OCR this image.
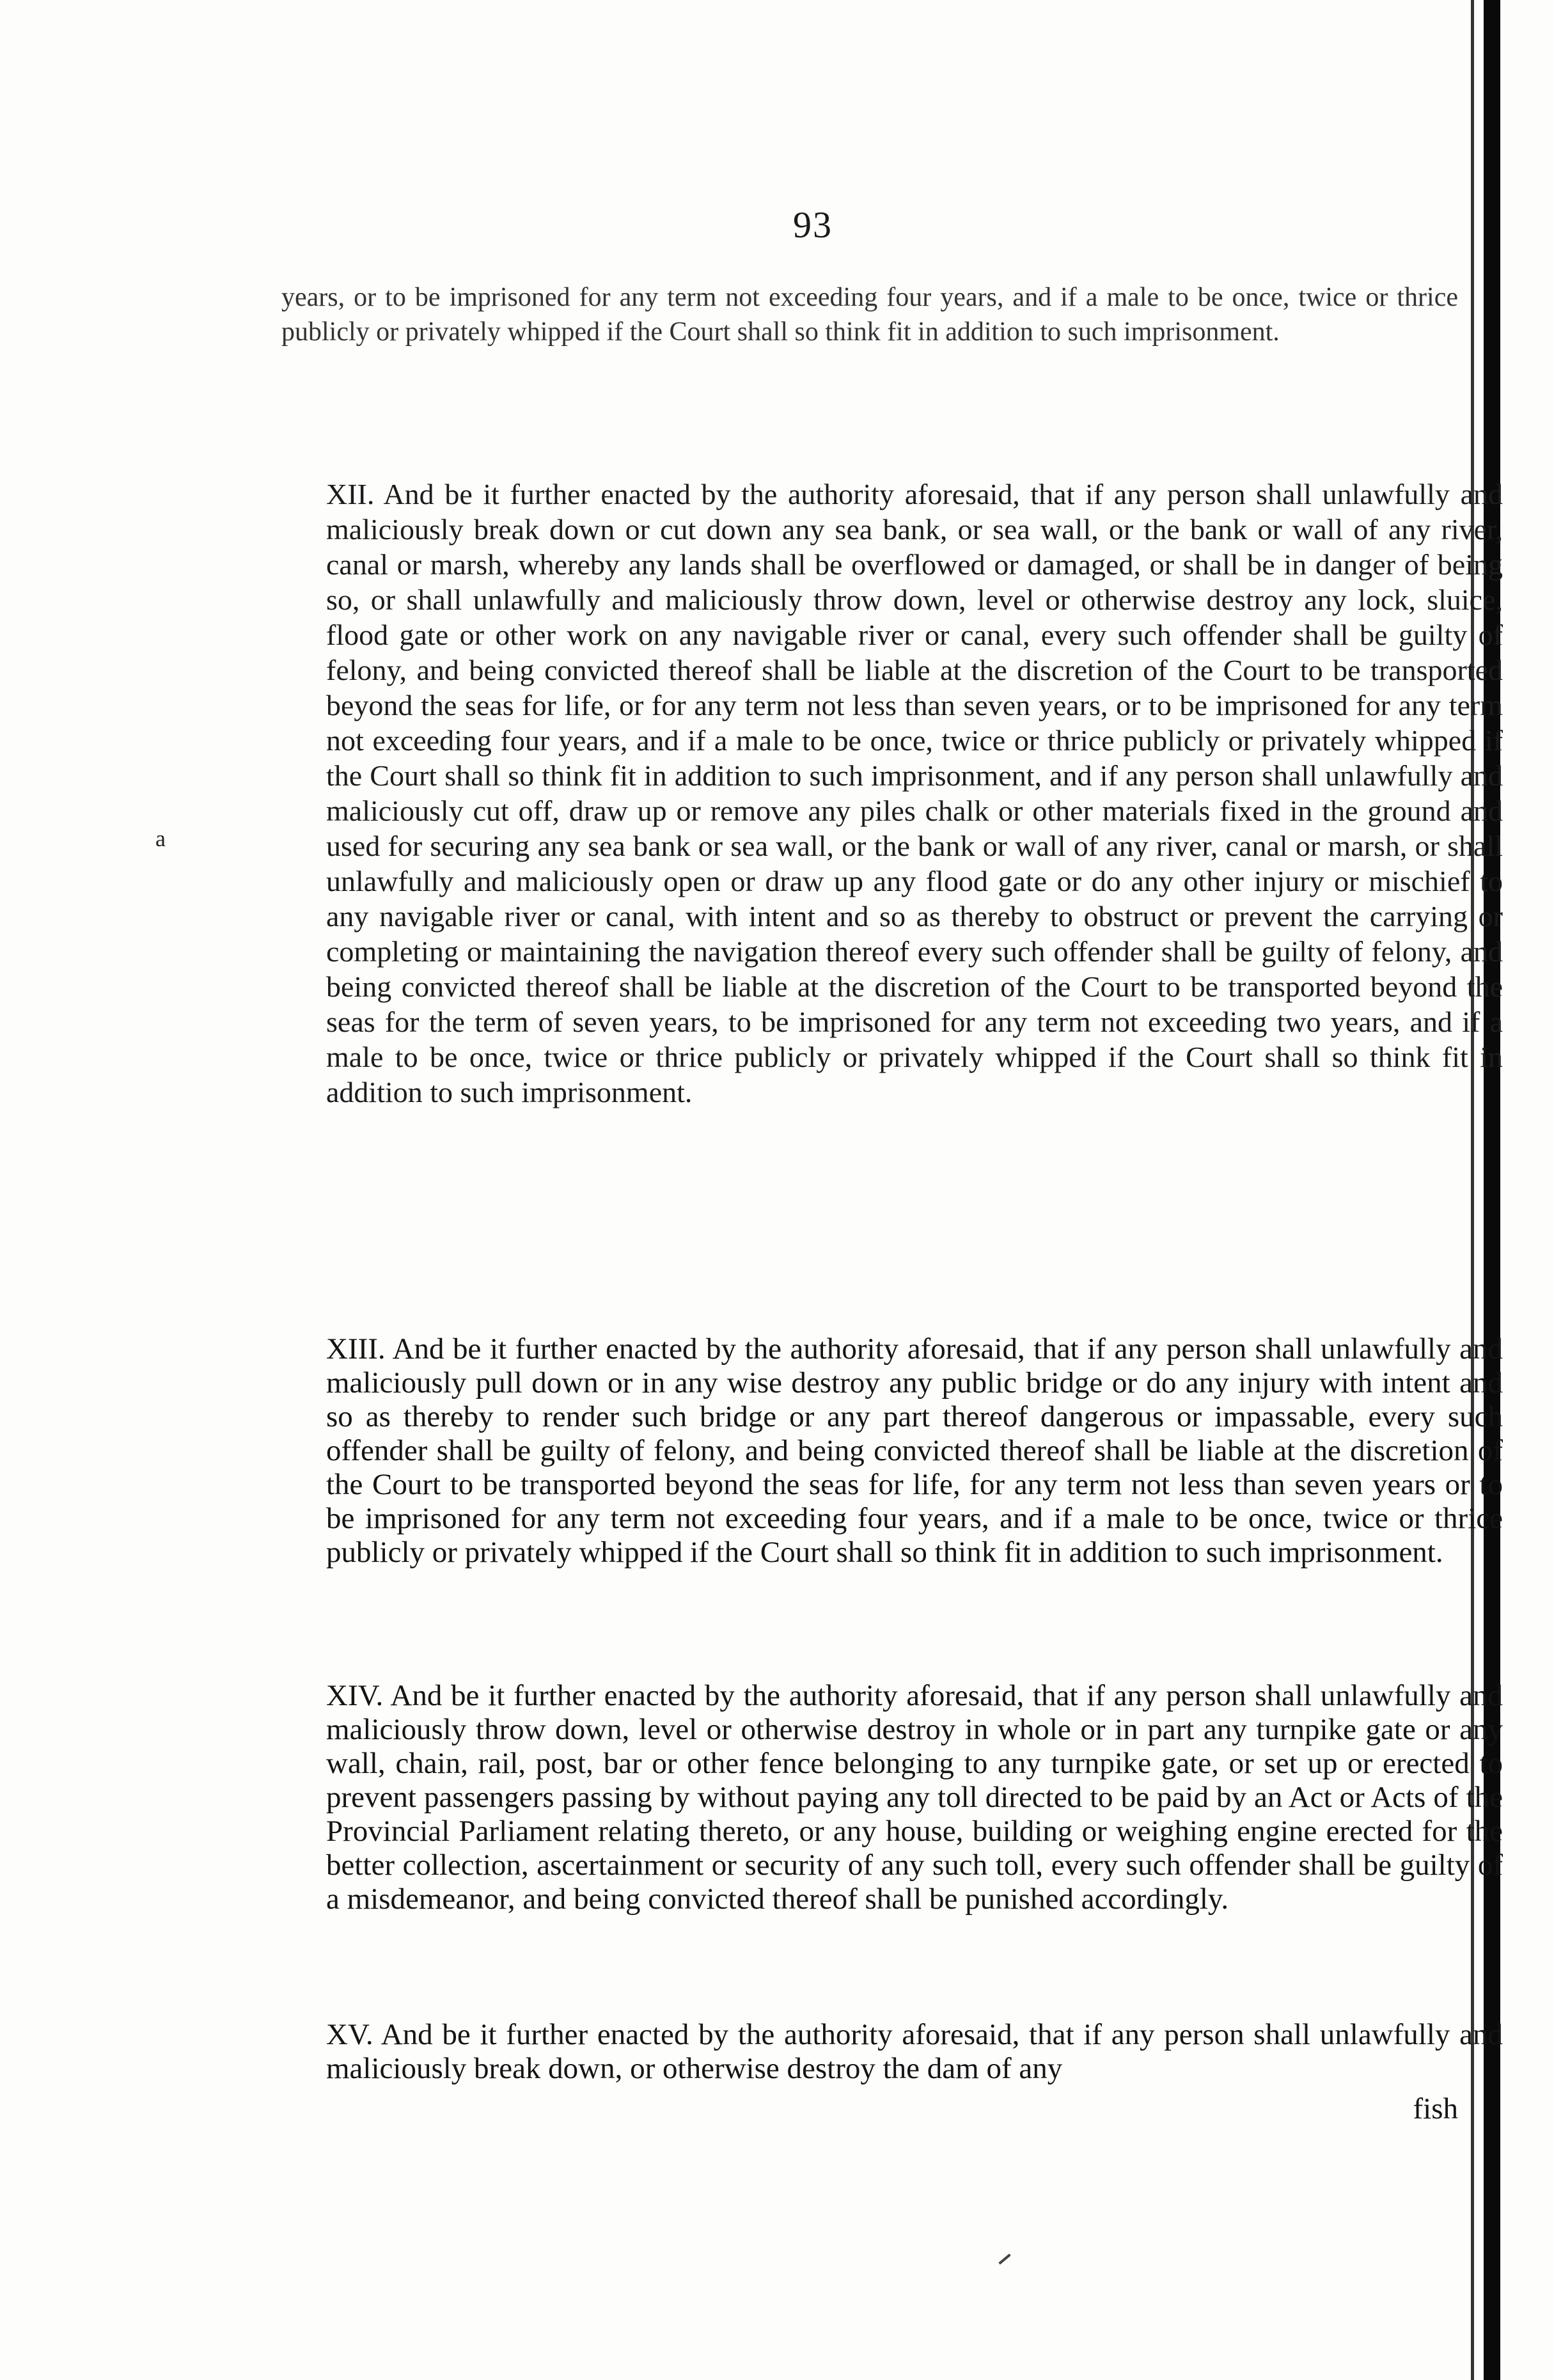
93

years, or to be imprisoned for any term not exceeding four years, and if a male to be once, twice or thrice publicly or privately whipped if the Court shall so think fit in addition to such imprisonment.

XII. And be it further enacted by the authority aforesaid, that if any person shall unlawfully and maliciously break down or cut down any sea bank, or sea wall, or the bank or wall of any river, canal or marsh, whereby any lands shall be overflowed or damaged, or shall be in danger of being so, or shall unlawfully and maliciously throw down, level or otherwise destroy any lock, sluice, flood gate or other work on any navigable river or canal, every such offender shall be guilty of felony, and being convicted thereof shall be liable at the discretion of the Court to be transported beyond the seas for life, or for any term not less than seven years, or to be imprisoned for any term not exceeding four years, and if a male to be once, twice or thrice publicly or privately whipped if the Court shall so think fit in addition to such imprisonment, and if any person shall unlawfully and maliciously cut off, draw up or remove any piles chalk or other materials fixed in the ground and used for securing any sea bank or sea wall, or the bank or wall of any river, canal or marsh, or shall unlawfully and maliciously open or draw up any flood gate or do any other injury or mischief to any navigable river or canal, with intent and so as thereby to obstruct or prevent the carrying or completing or maintaining the navigation thereof every such offender shall be guilty of felony, and being convicted thereof shall be liable at the discretion of the Court to be transported beyond the seas for the term of seven years, to be imprisoned for any term not exceeding two years, and if a male to be once, twice or thrice publicly or privately whipped if the Court shall so think fit in addition to such imprisonment.

a

XIII. And be it further enacted by the authority aforesaid, that if any person shall unlawfully and maliciously pull down or in any wise destroy any public bridge or do any injury with intent and so as thereby to render such bridge or any part thereof dangerous or impassable, every such offender shall be guilty of felony, and being convicted thereof shall be liable at the discretion of the Court to be transported beyond the seas for life, for any term not less than seven years or to be imprisoned for any term not exceeding four years, and if a male to be once, twice or thrice publicly or privately whipped if the Court shall so think fit in addition to such imprisonment.

XIV. And be it further enacted by the authority aforesaid, that if any person shall unlawfully and maliciously throw down, level or otherwise destroy in whole or in part any turnpike gate or any wall, chain, rail, post, bar or other fence belonging to any turnpike gate, or set up or erected to prevent passengers passing by without paying any toll directed to be paid by an Act or Acts of the Provincial Parliament relating thereto, or any house, building or weighing engine erected for the better collection, ascertainment or security of any such toll, every such offender shall be guilty of a misdemeanor, and being convicted thereof shall be punished accordingly.

XV. And be it further enacted by the authority aforesaid, that if any person shall unlawfully and maliciously break down, or otherwise destroy the dam of any

fish
